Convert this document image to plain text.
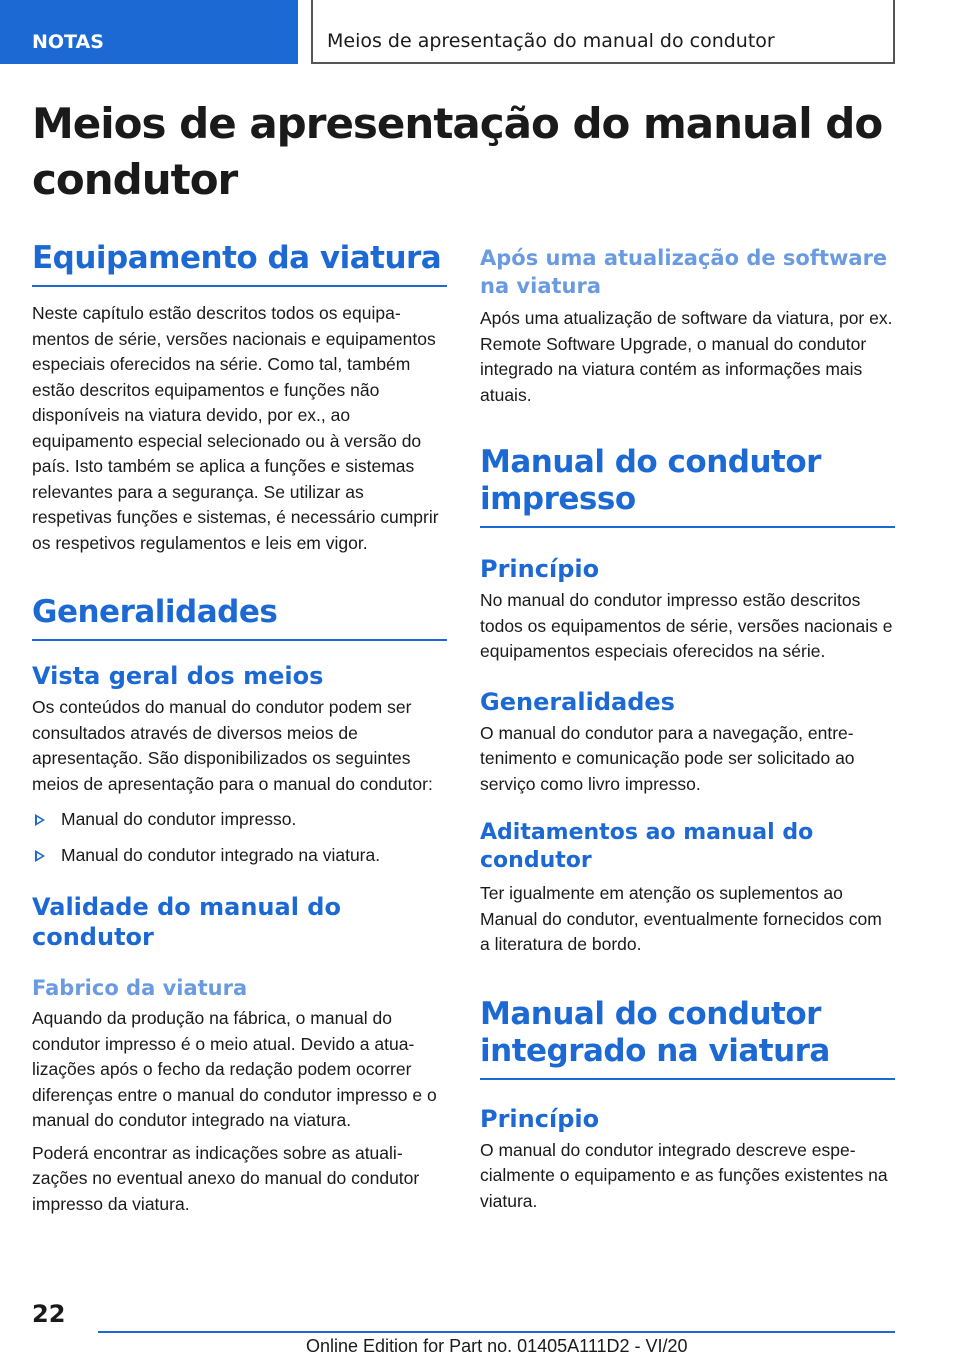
NOTAS	Meios de apresentação do manual do condutor
Meios de apresentação do manual do condutor
Equipamento da viatura

Neste capítulo estão descritos todos os equipamentos de série, versões nacionais e equipamentos especiais oferecidos na série. Como tal, também estão descritos equipamentos e funções não disponíveis na viatura devido, por ex., ao equipamento especial selecionado ou à versão do país. Isto também se aplica a funções e sistemas relevantes para a segurança. Se utilizar as respetivas funções e sistemas, é necessário cumprir os respetivos regulamentos e leis em vigor.

Generalidades
Vista geral dos meios

Os conteúdos do manual do condutor podem ser consultados através de diversos meios de apresentação. São disponibilizados os seguintes meios de apresentação para o manual do condutor:

Manual do condutor impresso.
Manual do condutor integrado na viatura.
Validade do manual do condutor
Fabrico da viatura

Aquando da produção na fábrica, o manual do condutor impresso é o meio atual. Devido a atualizações após o fecho da redação podem ocorrer diferenças entre o manual do condutor impresso e o manual do condutor integrado na viatura.

Poderá encontrar as indicações sobre as atualizações no eventual anexo do manual do condutor impresso da viatura.

Após uma atualização de software na viatura

Após uma atualização de software da viatura, por ex. Remote Software Upgrade, o manual do condutor integrado na viatura contém as informações mais atuais.

Manual do condutor impresso
Princípio

No manual do condutor impresso estão descritos todos os equipamentos de série, versões nacionais e equipamentos especiais oferecidos na série.

Generalidades

O manual do condutor para a navegação, entretenimento e comunicação pode ser solicitado ao serviço como livro impresso.

Aditamentos ao manual do condutor

Ter igualmente em atenção os suplementos ao Manual do condutor, eventualmente fornecidos com a literatura de bordo.

Manual do condutor integrado na viatura
Princípio

O manual do condutor integrado descreve especialmente o equipamento e as funções existentes na viatura.

22
Online Edition for Part no. 01405A111D2 - VI/20
